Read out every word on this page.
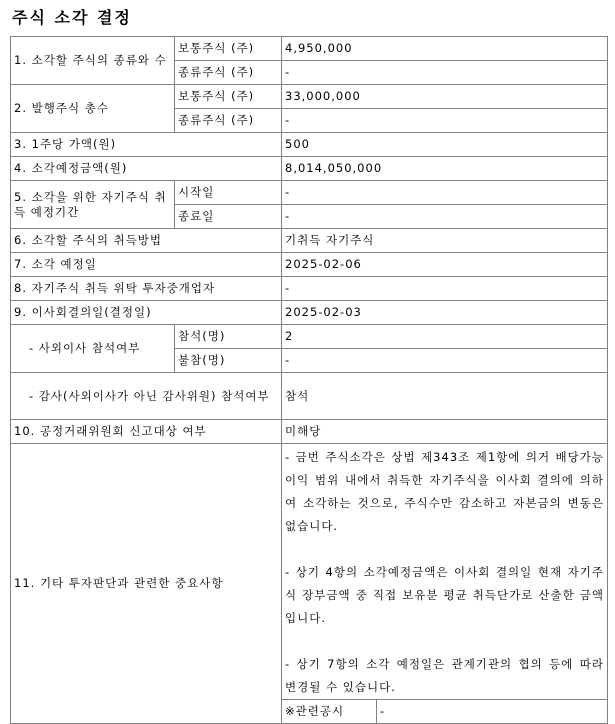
주식 소각 결정
1. 소각할 주식의 종류와 수	보통주식 (주)	4,950,000	
	종류주식 (주)	-	
2. 발행주식 총수	보통주식 (주)	33,000,000	
	종류주식 (주)	-	
3. 1주당 가액(원)		500	
4. 소각예정금액(원)		8,014,050,000	
5. 소각을 위한 자기주식 취득 예정기간	시작일	-	
	종료일	-	
6. 소각할 주식의 취득방법		기취득 자기주식	
7. 소각 예정일		2025-02-06	
8. 자기주식 취득 위탁 투자중개업자		-	
9. 이사회결의일(결정일)		2025-02-03	
- 사외이사 참석여부	참석(명)	2	
	불참(명)	-	
- 감사(사외이사가 아닌 감사위원) 참석여부		참석	
10. 공정거래위원회 신고대상 여부		미해당	
11. 기타 투자판단과 관련한 중요사항		- 금번 주식소각은 상법 제343조 제1항에 의거 배당가능이익 범위 내에서 취득한 자기주식을 이사회 결의에 의하여 소각하는 것으로, 주식수만 감소하고 자본금의 변동은 없습니다.
- 상기 4항의 소각예정금액은 이사회 결의일 현재 자기주식 장부금액 중 직접 보유분 평균 취득단가로 산출한 금액입니다.
- 상기 7항의 소각 예정일은 관계기관의 협의 등에 따라 변경될 수 있습니다.	

		※관련공시	-
